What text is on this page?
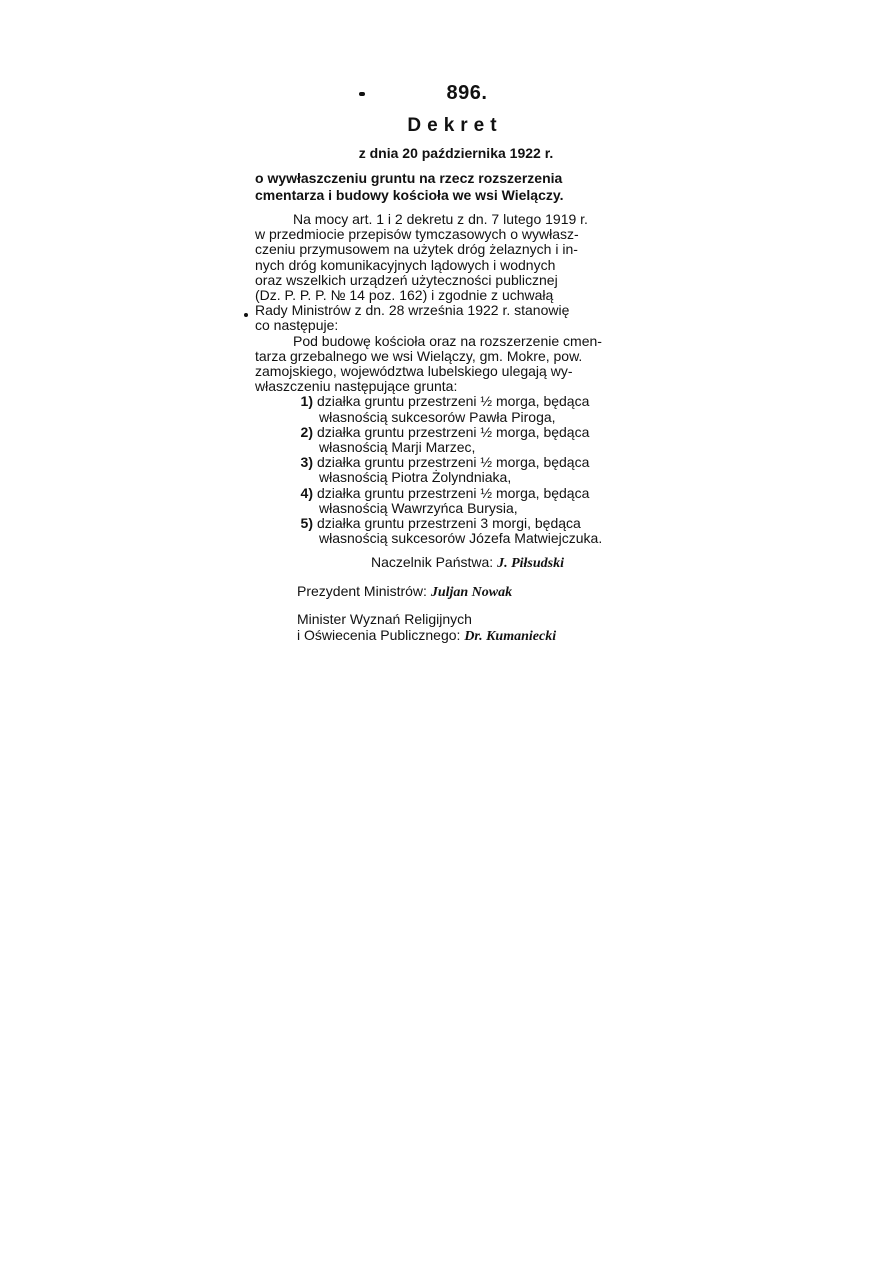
896.
Dekret
z dnia 20 października 1922 r.
o wywłaszczeniu gruntu na rzecz rozszerzenia
cmentarza i budowy kościoła we wsi Wielączy.
Na mocy art. 1 i 2 dekretu z dn. 7 lutego 1919 r.
w przedmiocie przepisów tymczasowych o wywłasz-
czeniu przymusowem na użytek dróg żelaznych i in-
nych dróg komunikacyjnych lądowych i wodnych
oraz wszelkich urządzeń użyteczności publicznej
(Dz. P. P. P. № 14 poz. 162) i zgodnie z uchwałą
Rady Ministrów z dn. 28 września 1922 r. stanowię
co następuje:
Pod budowę kościoła oraz na rozszerzenie cmen-
tarza grzebalnego we wsi Wielączy, gm. Mokre, pow.
zamojskiego, województwa lubelskiego ulegają wy-
właszczeniu następujące grunta:
1) działka gruntu przestrzeni ½ morga, będąca
własnością sukcesorów Pawła Piroga,
2) działka gruntu przestrzeni ½ morga, będąca
własnością Marji Marzec,
3) działka gruntu przestrzeni ½ morga, będąca
własnością Piotra Żolyndniaka,
4) działka gruntu przestrzeni ½ morga, będąca
własnością Wawrzyńca Burysia,
5) działka gruntu przestrzeni 3 morgi, będąca
własnością sukcesorów Józefa Matwiejczuka.
Naczelnik Państwa: J. Piłsudski
Prezydent Ministrów: Juljan Nowak
Minister Wyznań Religijnych
i Oświecenia Publicznego: Dr. Kumaniecki
